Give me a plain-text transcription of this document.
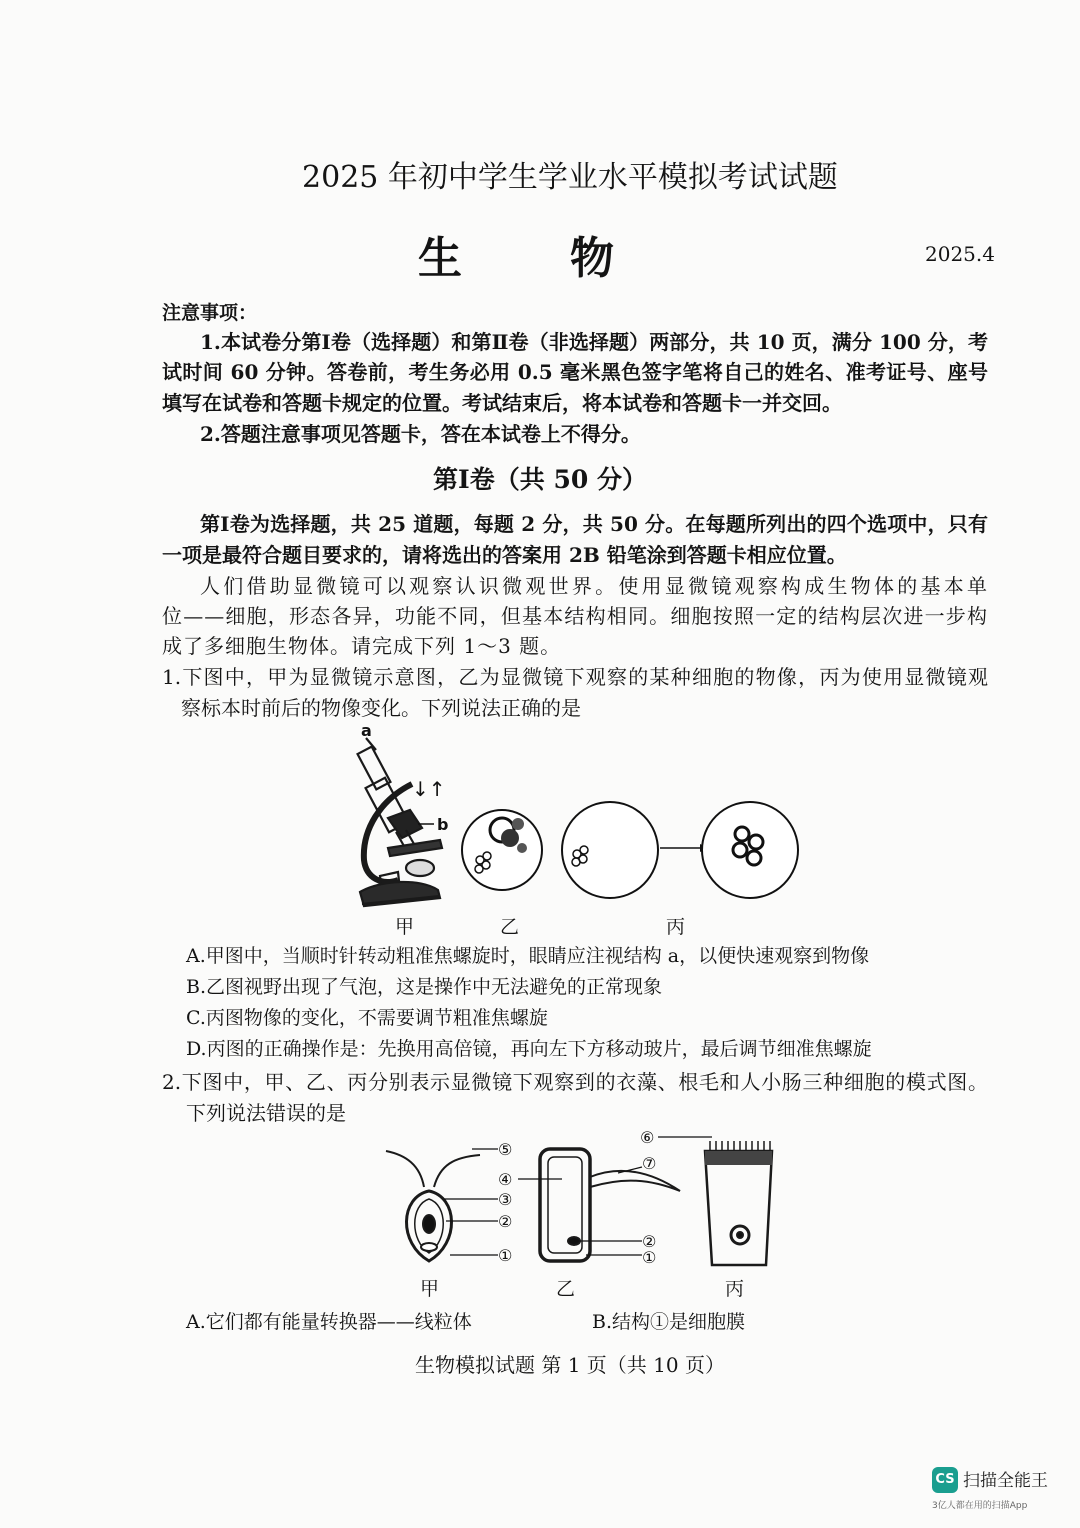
2025 年初中学生学业水平模拟考试试题
生物	2025.4
注意事项：
1.本试卷分第Ⅰ卷（选择题）和第Ⅱ卷（非选择题）两部分，共 10 页，满分 100 分，考
试时间 60 分钟。答卷前，考生务必用 0.5 毫米黑色签字笔将自己的姓名、准考证号、座号
填写在试卷和答题卡规定的位置。考试结束后，将本试卷和答题卡一并交回。
2.答题注意事项见答题卡，答在本试卷上不得分。
第Ⅰ卷（共 50 分）
第Ⅰ卷为选择题，共 25 道题，每题 2 分，共 50 分。在每题所列出的四个选项中，只有
一项是最符合题目要求的，请将选出的答案用 2B 铅笔涂到答题卡相应位置。
人们借助显微镜可以观察认识微观世界。使用显微镜观察构成生物体的基本单
位——细胞，形态各异，功能不同，但基本结构相同。细胞按照一定的结构层次进一步构
成了多细胞生物体。请完成下列 1～3 题。
1.下图中，甲为显微镜示意图，乙为显微镜下观察的某种细胞的物像，丙为使用显微镜观
察标本时前后的物像变化。下列说法正确的是
a
b
↓↑
甲	乙	丙
A.甲图中，当顺时针转动粗准焦螺旋时，眼睛应注视结构 a，以便快速观察到物像
B.乙图视野出现了气泡，这是操作中无法避免的正常现象
C.丙图物像的变化，不需要调节粗准焦螺旋
D.丙图的正确操作是：先换用高倍镜，再向左下方移动玻片，最后调节细准焦螺旋
2.下图中，甲、乙、丙分别表示显微镜下观察到的衣藻、根毛和人小肠三种细胞的模式图。
下列说法错误的是
⑤
④
③
②
①
⑦
⑥
②
①
甲	乙	丙
A.它们都有能量转换器——线粒体	B.结构①是细胞膜
生物模拟试题 第 1 页（共 10 页）
CS 扫描全能王
3亿人都在用的扫描App
